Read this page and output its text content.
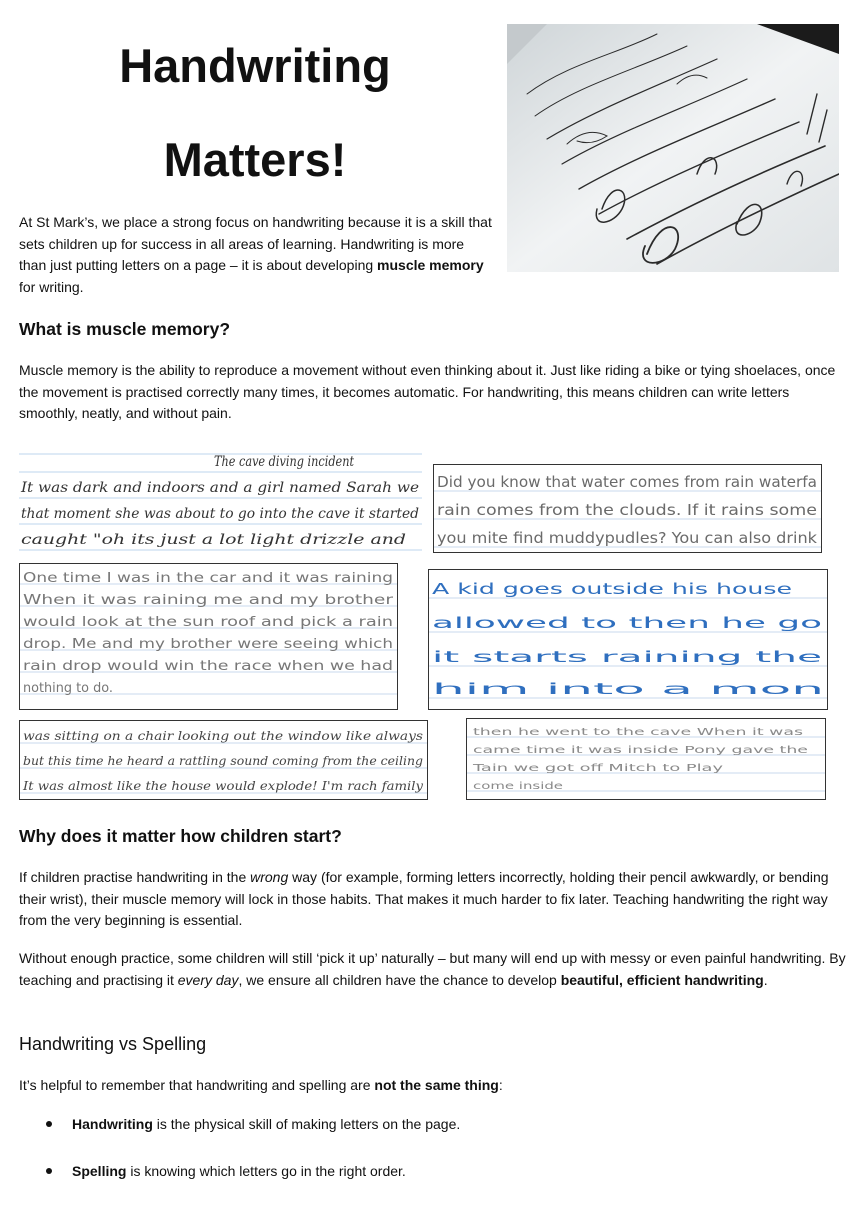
Handwriting
Matters!

At St Mark’s, we place a strong focus on handwriting because it is a skill that sets children up for success in all areas of learning. Handwriting is more than just putting letters on a page – it is about developing muscle memory for writing.

What is muscle memory?

Muscle memory is the ability to reproduce a movement without even thinking about it. Just like riding a bike or tying shoelaces, once the movement is practised correctly many times, it becomes automatic. For handwriting, this means children can write letters smoothly, neatly, and without pain.

The cave diving incident
It was dark and indoors and a girl named Sarah we
that moment she was about to go into the cave it started
caught "oh its just a lot light drizzle and
Did you know that water comes from rain waterfa
rain comes from the clouds. If it rains some
you mite find muddypudles? You can also drink
One time I was in the car and it was raining
When it was raining me and my brother
would look at the sun roof and pick a rain
drop. Me and my brother were seeing which
rain drop would win the race when we had
nothing to do.
A kid goes outside his house
allowed to then he go
it starts raining the
him into a mon
was sitting on a chair looking out the window like always
but this time he heard a rattling sound coming from the ceiling
It was almost like the house would explode! I'm rach family
then he went to the cave When it was
came time it was inside Pony gave the
Tain we got off Mitch to Play
come inside
Why does it matter how children start?

If children practise handwriting in the wrong way (for example, forming letters incorrectly, holding their pencil awkwardly, or bending their wrist), their muscle memory will lock in those habits. That makes it much harder to fix later. Teaching handwriting the right way from the very beginning is essential.

Without enough practice, some children will still ‘pick it up’ naturally – but many will end up with messy or even painful handwriting. By teaching and practising it every day, we ensure all children have the chance to develop beautiful, efficient handwriting.

Handwriting vs Spelling

It’s helpful to remember that handwriting and spelling are not the same thing:

Handwriting is the physical skill of making letters on the page.
Spelling is knowing which letters go in the right order.
